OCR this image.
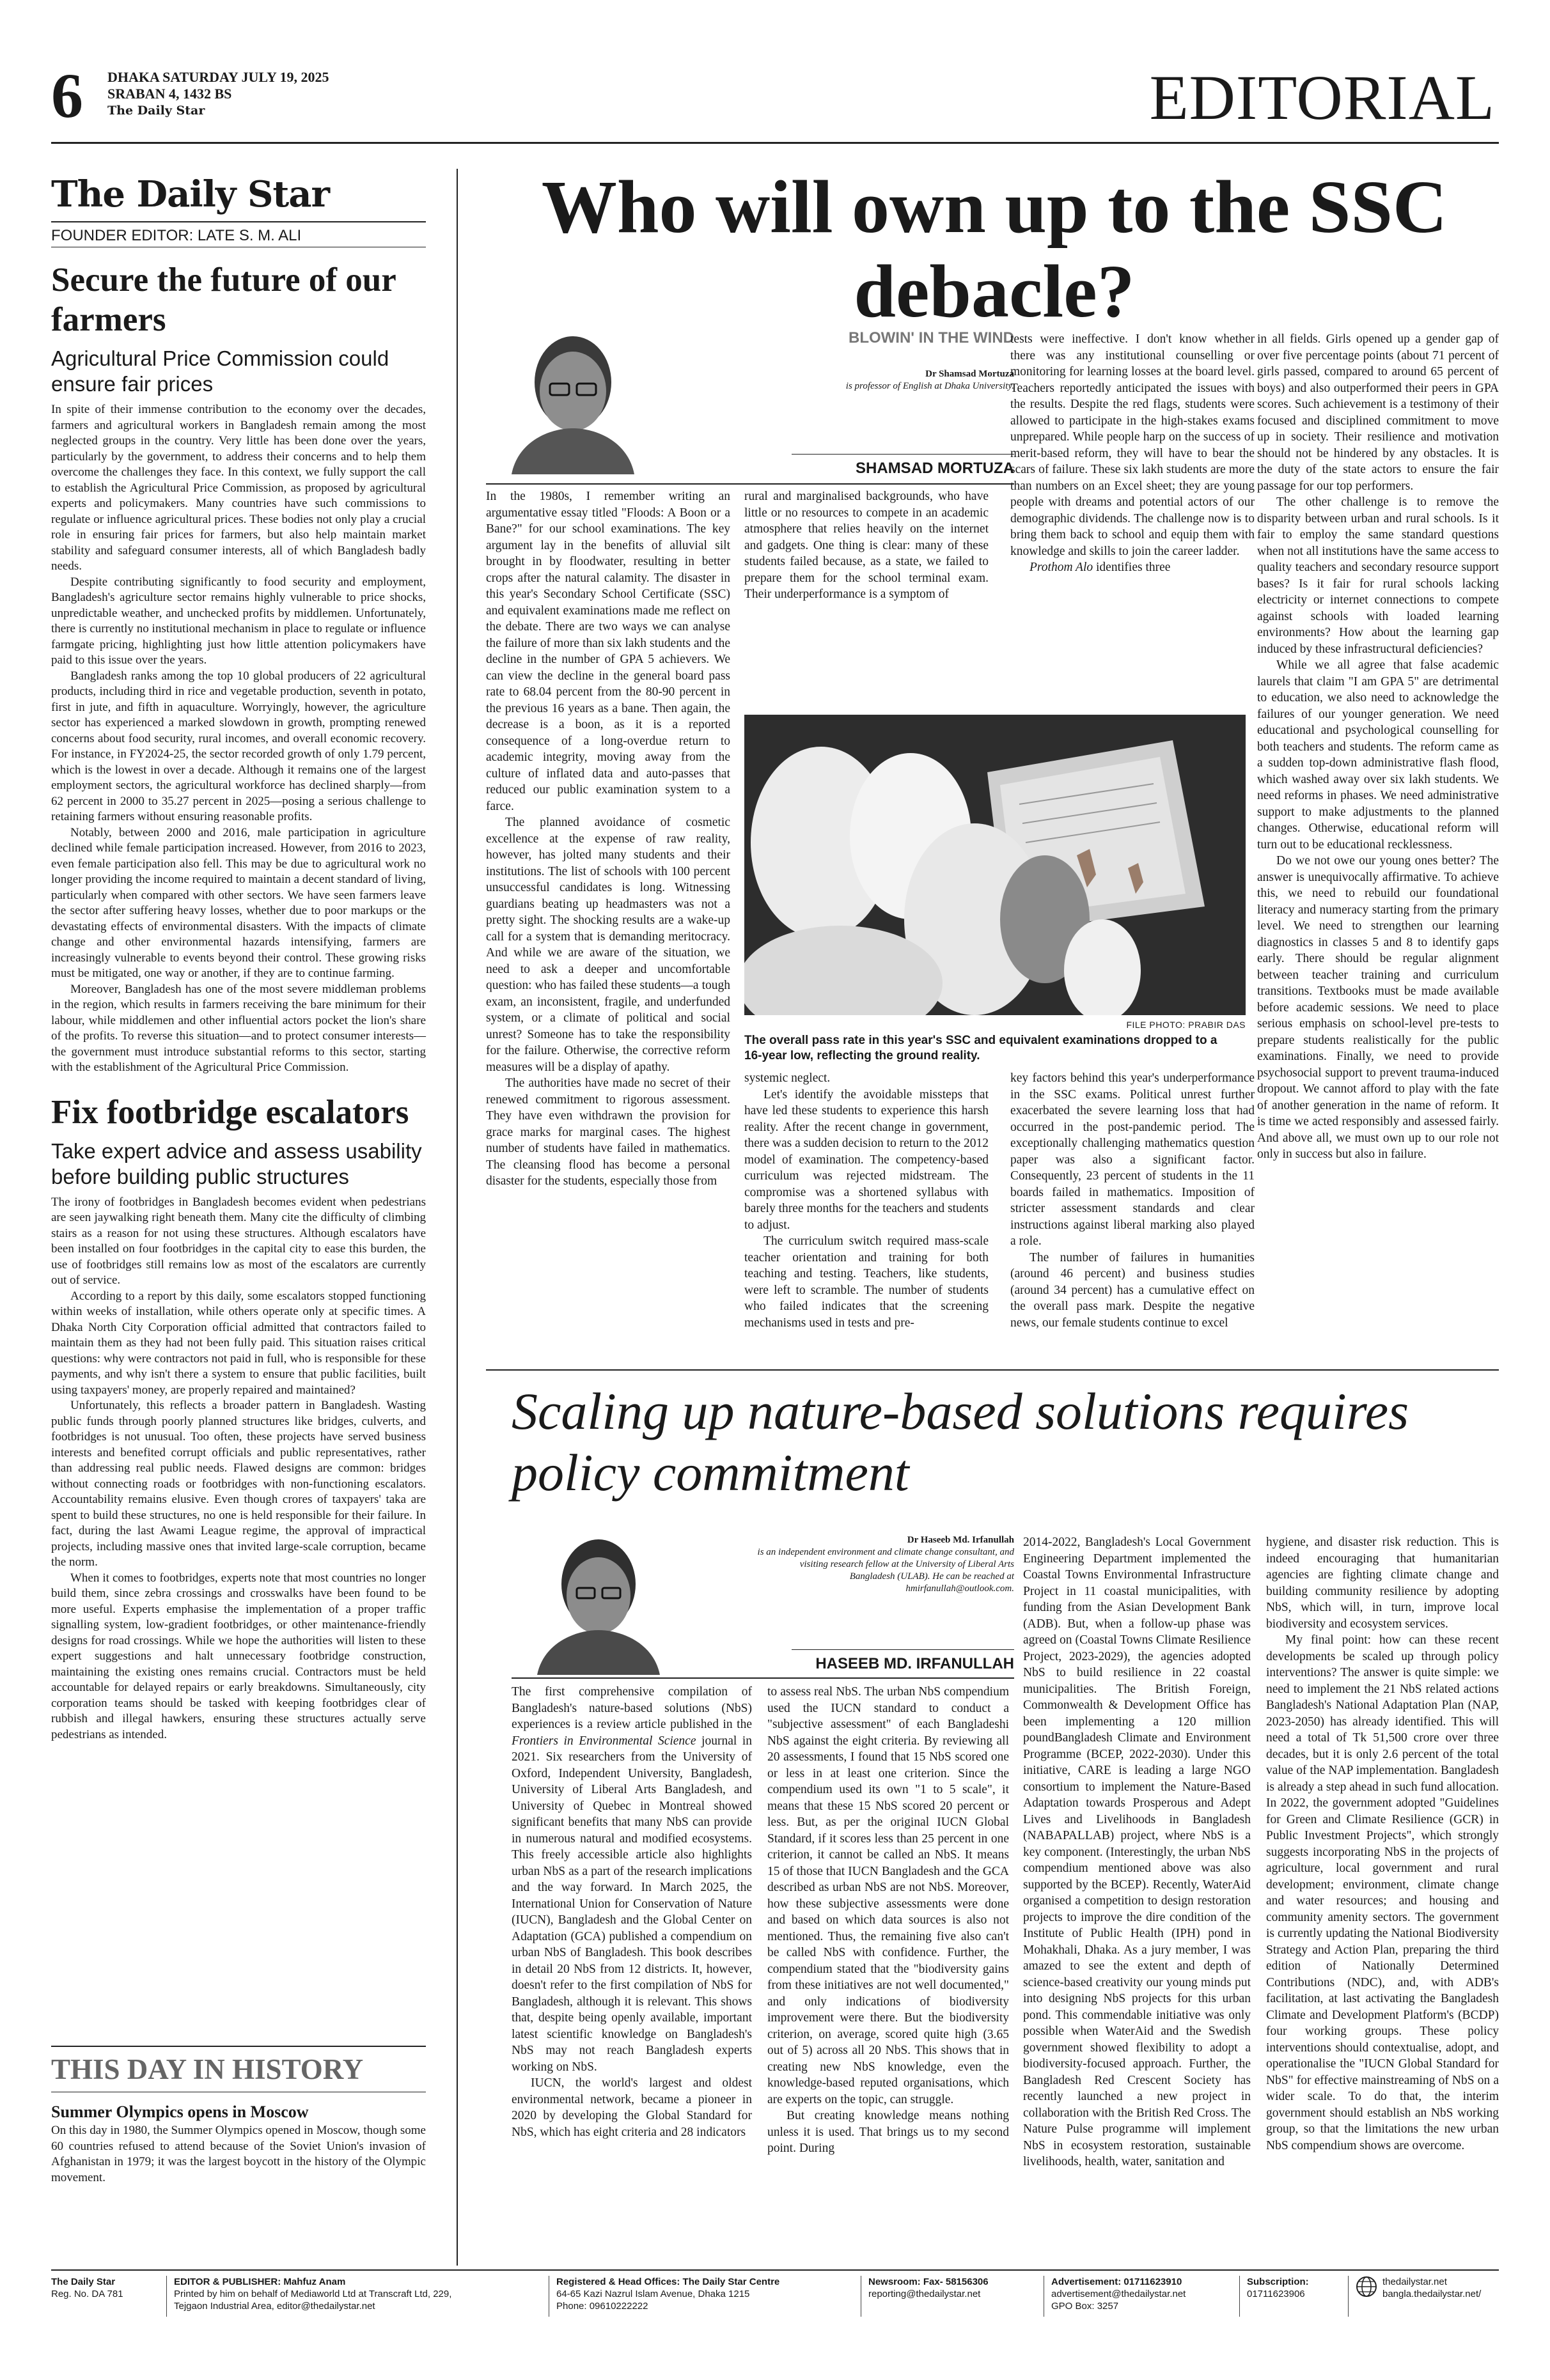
6 DHAKA SATURDAY JULY 19, 2025
SRABAN 4, 1432 BS
The Daily Star	EDITORIAL
The Daily Star
FOUNDER EDITOR: LATE S. M. ALI
Secure the future of our farmers
Agricultural Price Commission could ensure fair prices

In spite of their immense contribution to the economy over the decades, farmers and agricultural workers in Bangladesh remain among the most neglected groups in the country. Very little has been done over the years, particularly by the government, to address their concerns and to help them overcome the challenges they face. In this context, we fully support the call to establish the Agricultural Price Commission, as proposed by agricultural experts and policymakers. Many countries have such commissions to regulate or influence agricultural prices. These bodies not only play a crucial role in ensuring fair prices for farmers, but also help maintain market stability and safeguard consumer interests, all of which Bangladesh badly needs.

Despite contributing significantly to food security and employment, Bangladesh's agriculture sector remains highly vulnerable to price shocks, unpredictable weather, and unchecked profits by middlemen. Unfortunately, there is currently no institutional mechanism in place to regulate or influence farmgate pricing, highlighting just how little attention policymakers have paid to this issue over the years.

Bangladesh ranks among the top 10 global producers of 22 agricultural products, including third in rice and vegetable production, seventh in potato, first in jute, and fifth in aquaculture. Worryingly, however, the agriculture sector has experienced a marked slowdown in growth, prompting renewed concerns about food security, rural incomes, and overall economic recovery. For instance, in FY2024-25, the sector recorded growth of only 1.79 percent, which is the lowest in over a decade. Although it remains one of the largest employment sectors, the agricultural workforce has declined sharply—from 62 percent in 2000 to 35.27 percent in 2025—posing a serious challenge to retaining farmers without ensuring reasonable profits.

Notably, between 2000 and 2016, male participation in agriculture declined while female participation increased. However, from 2016 to 2023, even female participation also fell. This may be due to agricultural work no longer providing the income required to maintain a decent standard of living, particularly when compared with other sectors. We have seen farmers leave the sector after suffering heavy losses, whether due to poor markups or the devastating effects of environmental disasters. With the impacts of climate change and other environmental hazards intensifying, farmers are increasingly vulnerable to events beyond their control. These growing risks must be mitigated, one way or another, if they are to continue farming.

Moreover, Bangladesh has one of the most severe middleman problems in the region, which results in farmers receiving the bare minimum for their labour, while middlemen and other influential actors pocket the lion's share of the profits. To reverse this situation—and to protect consumer interests—the government must introduce substantial reforms to this sector, starting with the establishment of the Agricultural Price Commission.

Fix footbridge escalators
Take expert advice and assess usability before building public structures

The irony of footbridges in Bangladesh becomes evident when pedestrians are seen jaywalking right beneath them. Many cite the difficulty of climbing stairs as a reason for not using these structures. Although escalators have been installed on four footbridges in the capital city to ease this burden, the use of footbridges still remains low as most of the escalators are currently out of service.

According to a report by this daily, some escalators stopped functioning within weeks of installation, while others operate only at specific times. A Dhaka North City Corporation official admitted that contractors failed to maintain them as they had not been fully paid. This situation raises critical questions: why were contractors not paid in full, who is responsible for these payments, and why isn't there a system to ensure that public facilities, built using taxpayers' money, are properly repaired and maintained?

Unfortunately, this reflects a broader pattern in Bangladesh. Wasting public funds through poorly planned structures like bridges, culverts, and footbridges is not unusual. Too often, these projects have served business interests and benefited corrupt officials and public representatives, rather than addressing real public needs. Flawed designs are common: bridges without connecting roads or footbridges with non-functioning escalators. Accountability remains elusive. Even though crores of taxpayers' taka are spent to build these structures, no one is held responsible for their failure. In fact, during the last Awami League regime, the approval of impractical projects, including massive ones that invited large-scale corruption, became the norm.

When it comes to footbridges, experts note that most countries no longer build them, since zebra crossings and crosswalks have been found to be more useful. Experts emphasise the implementation of a proper traffic signalling system, low-gradient footbridges, or other maintenance-friendly designs for road crossings. While we hope the authorities will listen to these expert suggestions and halt unnecessary footbridge construction, maintaining the existing ones remains crucial. Contractors must be held accountable for delayed repairs or early breakdowns. Simultaneously, city corporation teams should be tasked with keeping footbridges clear of rubbish and illegal hawkers, ensuring these structures actually serve pedestrians as intended.

THIS DAY IN HISTORY
Summer Olympics opens in Moscow
On this day in 1980, the Summer Olympics opened in Moscow, though some 60 countries refused to attend because of the Soviet Union's invasion of Afghanistan in 1979; it was the largest boycott in the history of the Olympic movement.
Who will own up to the SSC debacle?
BLOWIN' IN THE WIND
Dr Shamsad Mortuza
is professor of English at Dhaka University.
SHAMSAD MORTUZA

In the 1980s, I remember writing an argumentative essay titled "Floods: A Boon or a Bane?" for our school examinations. The key argument lay in the benefits of alluvial silt brought in by floodwater, resulting in better crops after the natural calamity. The disaster in this year's Secondary School Certificate (SSC) and equivalent examinations made me reflect on the debate. There are two ways we can analyse the failure of more than six lakh students and the decline in the number of GPA 5 achievers. We can view the decline in the general board pass rate to 68.04 percent from the 80-90 percent in the previous 16 years as a bane. Then again, the decrease is a boon, as it is a reported consequence of a long-overdue return to academic integrity, moving away from the culture of inflated data and auto-passes that reduced our public examination system to a farce.

The planned avoidance of cosmetic excellence at the expense of raw reality, however, has jolted many students and their institutions. The list of schools with 100 percent unsuccessful candidates is long. Witnessing guardians beating up headmasters was not a pretty sight. The shocking results are a wake-up call for a system that is demanding meritocracy. And while we are aware of the situation, we need to ask a deeper and uncomfortable question: who has failed these students—a tough exam, an inconsistent, fragile, and underfunded system, or a climate of political and social unrest? Someone has to take the responsibility for the failure. Otherwise, the corrective reform measures will be a display of apathy.

The authorities have made no secret of their renewed commitment to rigorous assessment. They have even withdrawn the provision for grace marks for marginal cases. The highest number of students have failed in mathematics. The cleansing flood has become a personal disaster for the students, especially those from

rural and marginalised backgrounds, who have little or no resources to compete in an academic atmosphere that relies heavily on the internet and gadgets. One thing is clear: many of these students failed because, as a state, we failed to prepare them for the school terminal exam. Their underperformance is a symptom of

tests were ineffective. I don't know whether there was any institutional counselling or monitoring for learning losses at the board level. Teachers reportedly anticipated the issues with the results. Despite the red flags, students were allowed to participate in the high-stakes exams unprepared. While people harp on the success of merit-based reform, they will have to bear the scars of failure. These six lakh students are more than numbers on an Excel sheet; they are young people with dreams and potential actors of our demographic dividends. The challenge now is to bring them back to school and equip them with knowledge and skills to join the career ladder.

Prothom Alo identifies three

in all fields. Girls opened up a gender gap of over five percentage points (about 71 percent of girls passed, compared to around 65 percent of boys) and also outperformed their peers in GPA scores. Such achievement is a testimony of their focused and disciplined commitment to move up in society. Their resilience and motivation should not be hindered by any obstacles. It is the duty of the state actors to ensure the fair passage for our top performers.

The other challenge is to remove the disparity between urban and rural schools. Is it fair to employ the same standard questions when not all institutions have the same access to quality teachers and secondary resource support bases? Is it fair for rural schools lacking electricity or internet connections to compete against schools with loaded learning environments? How about the learning gap induced by these infrastructural deficiencies?

While we all agree that false academic laurels that claim "I am GPA 5" are detrimental to education, we also need to acknowledge the failures of our younger generation. We need educational and psychological counselling for both teachers and students. The reform came as a sudden top-down administrative flash flood, which washed away over six lakh students. We need reforms in phases. We need administrative support to make adjustments to the planned changes. Otherwise, educational reform will turn out to be educational recklessness.

Do we not owe our young ones better? The answer is unequivocally affirmative. To achieve this, we need to rebuild our foundational literacy and numeracy starting from the primary level. We need to strengthen our learning diagnostics in classes 5 and 8 to identify gaps early. There should be regular alignment between teacher training and curriculum transitions. Textbooks must be made available before academic sessions. We need to place serious emphasis on school-level pre-tests to prepare students realistically for the public examinations. Finally, we need to provide psychosocial support to prevent trauma-induced dropout. We cannot afford to play with the fate of another generation in the name of reform. It is time we acted responsibly and assessed fairly. And above all, we must own up to our role not only in success but also in failure.

FILE PHOTO: PRABIR DAS
The overall pass rate in this year's SSC and equivalent examinations dropped to a 16-year low, reflecting the ground reality.

systemic neglect.

Let's identify the avoidable missteps that have led these students to experience this harsh reality. After the recent change in government, there was a sudden decision to return to the 2012 model of examination. The competency-based curriculum was rejected midstream. The compromise was a shortened syllabus with barely three months for the teachers and students to adjust.

The curriculum switch required mass-scale teacher orientation and training for both teaching and testing. Teachers, like students, were left to scramble. The number of students who failed indicates that the screening mechanisms used in tests and pre-

key factors behind this year's underperformance in the SSC exams. Political unrest further exacerbated the severe learning loss that had occurred in the post-pandemic period. The exceptionally challenging mathematics question paper was also a significant factor. Consequently, 23 percent of students in the 11 boards failed in mathematics. Imposition of stricter assessment standards and clear instructions against liberal marking also played a role.

The number of failures in humanities (around 46 percent) and business studies (around 34 percent) has a cumulative effect on the overall pass mark. Despite the negative news, our female students continue to excel

Scaling up nature-based solutions requires policy commitment
Dr Haseeb Md. Irfanullah
is an independent environment and climate change consultant, and visiting research fellow at the University of Liberal Arts Bangladesh (ULAB). He can be reached at hmirfanullah@outlook.com.
HASEEB MD. IRFANULLAH

The first comprehensive compilation of Bangladesh's nature-based solutions (NbS) experiences is a review article published in the Frontiers in Environmental Science journal in 2021. Six researchers from the University of Oxford, Independent University, Bangladesh, University of Liberal Arts Bangladesh, and University of Quebec in Montreal showed significant benefits that many NbS can provide in numerous natural and modified ecosystems. This freely accessible article also highlights urban NbS as a part of the research implications and the way forward. In March 2025, the International Union for Conservation of Nature (IUCN), Bangladesh and the Global Center on Adaptation (GCA) published a compendium on urban NbS of Bangladesh. This book describes in detail 20 NbS from 12 districts. It, however, doesn't refer to the first compilation of NbS for Bangladesh, although it is relevant. This shows that, despite being openly available, important latest scientific knowledge on Bangladesh's NbS may not reach Bangladesh experts working on NbS.

IUCN, the world's largest and oldest environmental network, became a pioneer in 2020 by developing the Global Standard for NbS, which has eight criteria and 28 indicators

to assess real NbS. The urban NbS compendium used the IUCN standard to conduct a "subjective assessment" of each Bangladeshi NbS against the eight criteria. By reviewing all 20 assessments, I found that 15 NbS scored one or less in at least one criterion. Since the compendium used its own "1 to 5 scale", it means that these 15 NbS scored 20 percent or less. But, as per the original IUCN Global Standard, if it scores less than 25 percent in one criterion, it cannot be called an NbS. It means 15 of those that IUCN Bangladesh and the GCA described as urban NbS are not NbS. Moreover, how these subjective assessments were done and based on which data sources is also not mentioned. Thus, the remaining five also can't be called NbS with confidence. Further, the compendium stated that the "biodiversity gains from these initiatives are not well documented," and only indications of biodiversity improvement were there. But the biodiversity criterion, on average, scored quite high (3.65 out of 5) across all 20 NbS. This shows that in creating new NbS knowledge, even the knowledge-based reputed organisations, which are experts on the topic, can struggle.

But creating knowledge means nothing unless it is used. That brings us to my second point. During

2014-2022, Bangladesh's Local Government Engineering Department implemented the Coastal Towns Environmental Infrastructure Project in 11 coastal municipalities, with funding from the Asian Development Bank (ADB). But, when a follow-up phase was agreed on (Coastal Towns Climate Resilience Project, 2023-2029), the agencies adopted NbS to build resilience in 22 coastal municipalities. The British Foreign, Commonwealth & Development Office has been implementing a 120 million poundBangladesh Climate and Environment Programme (BCEP, 2022-2030). Under this initiative, CARE is leading a large NGO consortium to implement the Nature-Based Adaptation towards Prosperous and Adept Lives and Livelihoods in Bangladesh (NABAPALLAB) project, where NbS is a key component. (Interestingly, the urban NbS compendium mentioned above was also supported by the BCEP). Recently, WaterAid organised a competition to design restoration projects to improve the dire condition of the Institute of Public Health (IPH) pond in Mohakhali, Dhaka. As a jury member, I was amazed to see the extent and depth of science-based creativity our young minds put into designing NbS projects for this urban pond. This commendable initiative was only possible when WaterAid and the Swedish government showed flexibility to adopt a biodiversity-focused approach. Further, the Bangladesh Red Crescent Society has recently launched a new project in collaboration with the British Red Cross. The Nature Pulse programme will implement NbS in ecosystem restoration, sustainable livelihoods, health, water, sanitation and

hygiene, and disaster risk reduction. This is indeed encouraging that humanitarian agencies are fighting climate change and building community resilience by adopting NbS, which will, in turn, improve local biodiversity and ecosystem services.

My final point: how can these recent developments be scaled up through policy interventions? The answer is quite simple: we need to implement the 21 NbS related actions Bangladesh's National Adaptation Plan (NAP, 2023-2050) has already identified. This will need a total of Tk 51,500 crore over three decades, but it is only 2.6 percent of the total value of the NAP implementation. Bangladesh is already a step ahead in such fund allocation. In 2022, the government adopted "Guidelines for Green and Climate Resilience (GCR) in Public Investment Projects", which strongly suggests incorporating NbS in the projects of agriculture, local government and rural development; environment, climate change and water resources; and housing and community amenity sectors. The government is currently updating the National Biodiversity Strategy and Action Plan, preparing the third edition of Nationally Determined Contributions (NDC), and, with ADB's facilitation, at last activating the Bangladesh Climate and Development Platform's (BCDP) four working groups. These policy interventions should contextualise, adopt, and operationalise the "IUCN Global Standard for NbS" for effective mainstreaming of NbS on a wider scale. To do that, the interim government should establish an NbS working group, so that the limitations the new urban NbS compendium shows are overcome.

The Daily Star
Reg. No. DA 781
EDITOR & PUBLISHER: Mahfuz Anam
Printed by him on behalf of Mediaworld Ltd at Transcraft Ltd, 229,
Tejgaon Industrial Area, editor@thedailystar.net
Registered & Head Offices: The Daily Star Centre
64-65 Kazi Nazrul Islam Avenue, Dhaka 1215
Phone: 09610222222
Newsroom: Fax- 58156306
reporting@thedailystar.net
Advertisement: 01711623910
advertisement@thedailystar.net
GPO Box: 3257
Subscription:
01711623906
thedailystar.net
bangla.thedailystar.net/
